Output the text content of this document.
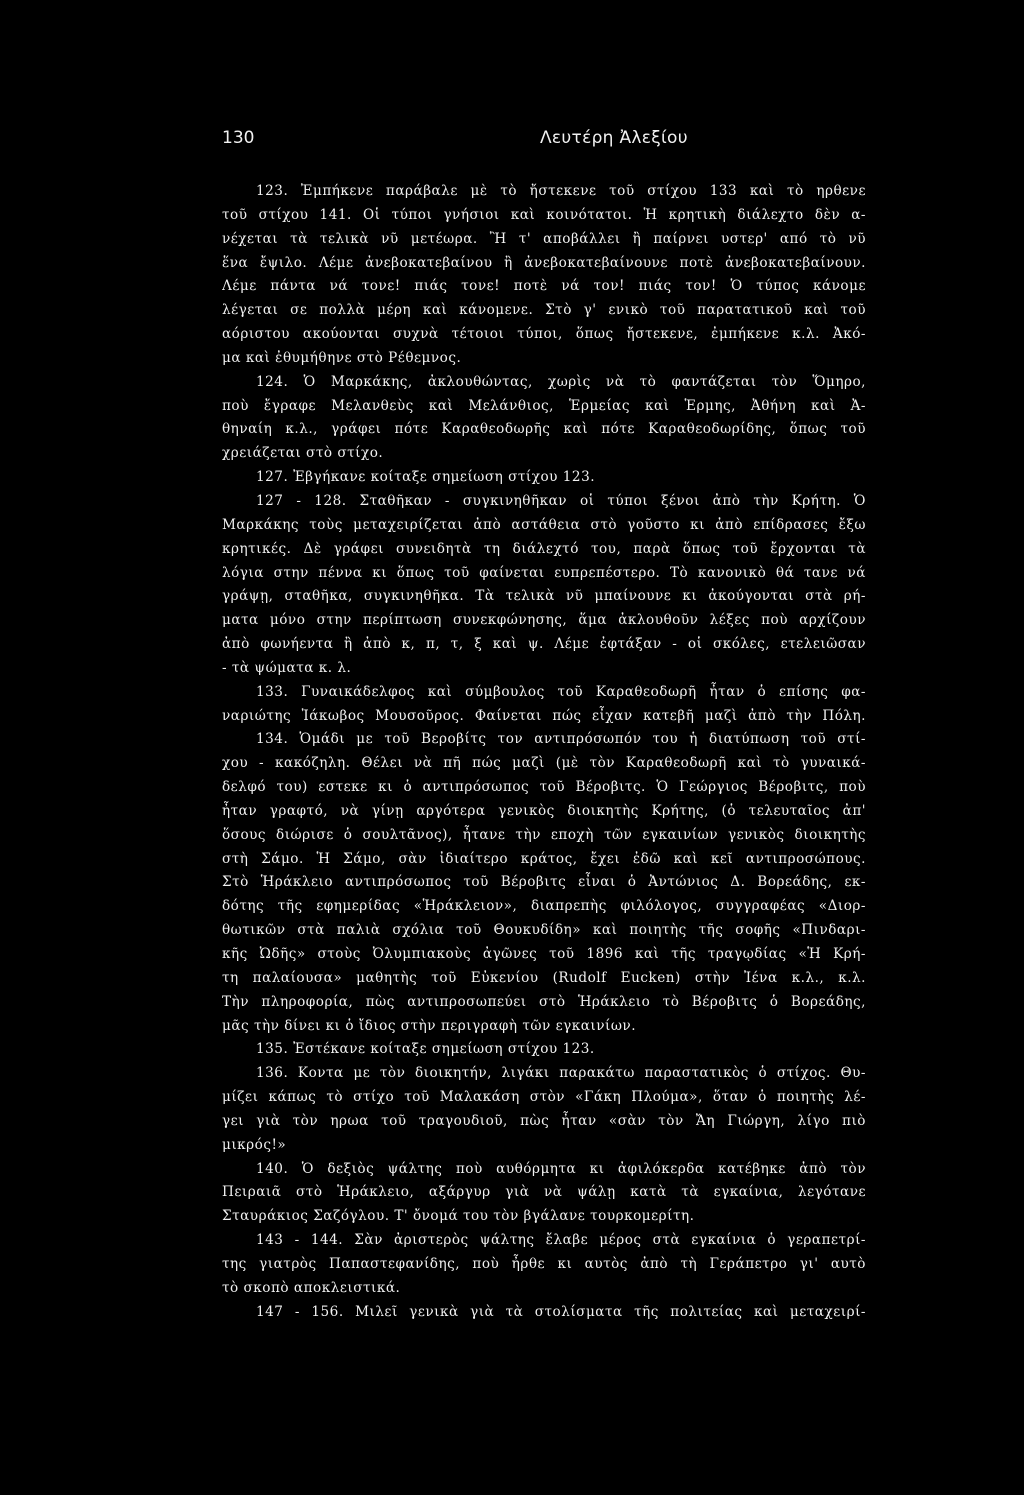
130	Λευτέρη Ἀλεξίου
123. Ἐμπήκενε παράβαλε μὲ τὸ ἤστεκενε τοῦ στίχου 133 καὶ τὸ ηρθενε
τοῦ στίχου 141. Οἱ τύποι γνήσιοι καὶ κοινότατοι. Ἡ κρητικὴ διάλεχτο δὲν α-
νέχεται τὰ τελικὰ νῦ μετέωρα. Ἢ τ' αποβάλλει ἢ παίρνει υστερ' από τὸ νῦ
ἕνα ἔψιλο. Λέμε ἀνεβοκατεβαίνου ἢ ἀνεβοκατεβαίνουνε ποτὲ ἀνεβοκατεβαίνουν.
Λέμε πάντα νά τονε! πιάς τονε! ποτὲ νά τον! πιάς τον! Ὁ τύπος κάνομε
λέγεται σε πολλὰ μέρη καὶ κάνομενε. Στὸ γ' ενικὸ τοῦ παρατατικοῦ καὶ τοῦ
αόριστου ακούονται συχνὰ τέτοιοι τύποι, ὅπως ἤστεκενε, ἐμπήκενε κ.λ. Ἀκό-
μα καὶ ἐθυμήθηνε στὸ Ρέθεμνος.
124. Ὁ Μαρκάκης, ἀκλουθώντας, χωρὶς νὰ τὸ φαντάζεται τὸν Ὅμηρο,
ποὺ ἔγραφε Μελανθεὺς καὶ Μελάνθιος, Ἑρμείας καὶ Ἑρμης, Ἀθήνη καὶ Ἀ-
θηναίη κ.λ., γράφει πότε Καραθεοδωρῆς καὶ πότε Καραθεοδωρίδης, ὅπως τοῦ
χρειάζεται στὸ στίχο.
127. Ἐβγήκανε κοίταξε σημείωση στίχου 123.
127 - 128. Σταθῆκαν - συγκινηθῆκαν οἱ τύποι ξένοι ἀπὸ τὴν Κρήτη. Ὁ
Μαρκάκης τοὺς μεταχειρίζεται ἀπὸ αστάθεια στὸ γοῦστο κι ἀπὸ επίδρασες ἔξω
κρητικές. Δὲ γράφει συνειδητὰ τη διάλεχτό του, παρὰ ὅπως τοῦ ἔρχονται τὰ
λόγια στην πέννα κι ὅπως τοῦ φαίνεται ευπρεπέστερο. Τὸ κανονικὸ θά τανε νά
γράψῃ, σταθῆκα, συγκινηθῆκα. Τὰ τελικὰ νῦ μπαίνουνε κι ἀκούγονται στὰ ρή-
ματα μόνο στην περίπτωση συνεκφώνησης, ἅμα ἀκλουθοῦν λέξες ποὺ αρχίζουν
ἀπὸ φωνήεντα ἢ ἀπὸ κ, π, τ, ξ καὶ ψ. Λέμε ἐφτάξαν - οἱ σκόλες, ετελειῶσαν
- τὰ ψώματα κ. λ.
133. Γυναικάδελφος καὶ σύμβουλος τοῦ Καραθεοδωρῆ ἦταν ὁ επίσης φα-
ναριώτης Ἰάκωβος Μουσοῦρος. Φαίνεται πώς εἶχαν κατεβῆ μαζὶ ἀπὸ τὴν Πόλη.
134. Ὁμάδι με τοῦ Βεροβίτς τον αντιπρόσωπόν του ἡ διατύπωση τοῦ στί-
χου - κακόζηλη. Θέλει νὰ πῆ πώς μαζὶ (μὲ τὸν Καραθεοδωρῆ καὶ τὸ γυναικά-
δελφό του) εστεκε κι ὁ αντιπρόσωπος τοῦ Βέροβιτς. Ὁ Γεώργιος Βέροβιτς, ποὺ
ἦταν γραφτό, νὰ γίνῃ αργότερα γενικὸς διοικητὴς Κρήτης, (ὁ τελευταῖος ἀπ'
ὅσους διώρισε ὁ σουλτᾶνος), ἦτανε τὴν εποχὴ τῶν εγκαινίων γενικὸς διοικητὴς
στὴ Σάμο. Ἡ Σάμο, σὰν ἰδιαίτερο κράτος, ἔχει ἐδῶ καὶ κεῖ αντιπροσώπους.
Στὸ Ἡράκλειο αντιπρόσωπος τοῦ Βέροβιτς εἶναι ὁ Ἀντώνιος Δ. Βορεάδης, εκ-
δότης τῆς εφημερίδας «Ἡράκλειον», διαπρεπὴς φιλόλογος, συγγραφέας «Διορ-
θωτικῶν στὰ παλιὰ σχόλια τοῦ Θουκυδίδη» καὶ ποιητὴς τῆς σοφῆς «Πινδαρι-
κῆς Ὠδῆς» στοὺς Ὀλυμπιακοὺς ἀγῶνες τοῦ 1896 καὶ τῆς τραγῳδίας «Ἡ Κρή-
τη παλαίουσα» μαθητὴς τοῦ Εὐκενίου (Rudolf Eucken) στὴν Ἰένα κ.λ., κ.λ.
Τὴν πληροφορία, πὼς αντιπροσωπεύει στὸ Ἡράκλειο τὸ Βέροβιτς ὁ Βορεάδης,
μᾶς τὴν δίνει κι ὁ ἴδιος στὴν περιγραφὴ τῶν εγκαινίων.
135. Ἐστέκανε κοίταξε σημείωση στίχου 123.
136. Κοντα με τὸν διοικητήν, λιγάκι παρακάτω παραστατικὸς ὁ στίχος. Θυ-
μίζει κάπως τὸ στίχο τοῦ Μαλακάση στὸν «Γάκη Πλούμα», ὅταν ὁ ποιητὴς λέ-
γει γιὰ τὸν ηρωα τοῦ τραγουδιοῦ, πὼς ἦταν «σὰν τὸν Ἄη Γιώργη, λίγο πιὸ
μικρός!»
140. Ὁ δεξιὸς ψάλτης ποὺ αυθόρμητα κι ἀφιλόκερδα κατέβηκε ἀπὸ τὸν
Πειραιᾶ στὸ Ἡράκλειο, αξάργυρ γιὰ νὰ ψάλῃ κατὰ τὰ εγκαίνια, λεγότανε
Σταυράκιος Σαζόγλου. Τ' ὄνομά του τὸν βγάλανε τουρκομερίτη.
143 - 144. Σὰν ἀριστερὸς ψάλτης ἔλαβε μέρος στὰ εγκαίνια ὁ γεραπετρί-
της γιατρὸς Παπαστεφανίδης, ποὺ ἦρθε κι αυτὸς ἀπὸ τὴ Γεράπετρο γι' αυτὸ
τὸ σκοπὸ αποκλειστικά.
147 - 156. Μιλεῖ γενικὰ γιὰ τὰ στολίσματα τῆς πολιτείας καὶ μεταχειρί-
